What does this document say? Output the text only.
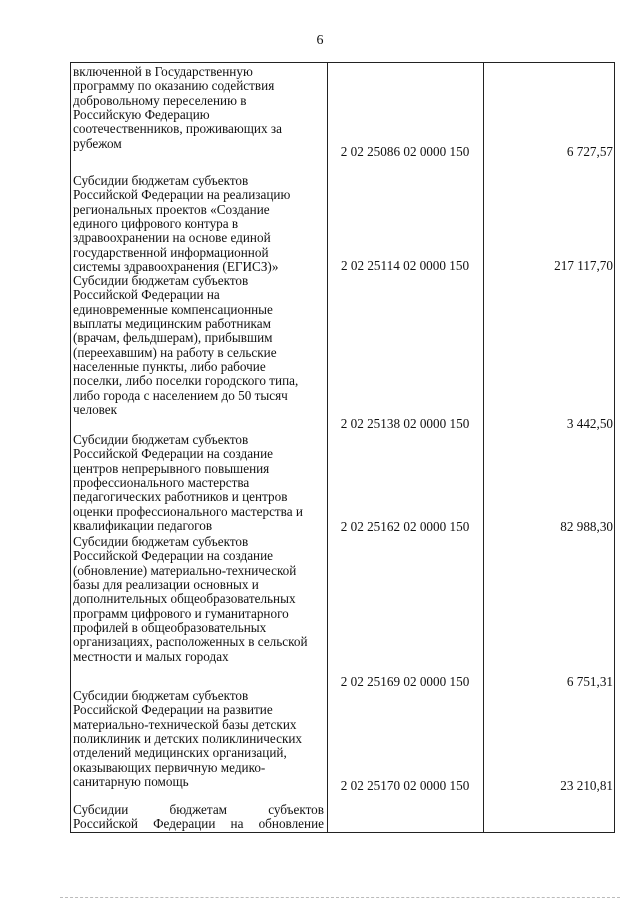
6
включенной в Государственную
программу по оказанию содействия
добровольному переселению в
Российскую Федерацию
соотечественников, проживающих за
рубежом
2 02 25086 02 0000 150	6 727,57
Субсидии бюджетам субъектов
Российской Федерации на реализацию
региональных проектов «Создание
единого цифрового контура в
здравоохранении на основе единой
государственной информационной
системы здравоохранения (ЕГИСЗ)»	2 02 25114 02 0000 150	217 117,70
Субсидии бюджетам субъектов
Российской Федерации на
единовременные компенсационные
выплаты медицинским работникам
(врачам, фельдшерам), прибывшим
(переехавшим) на работу в сельские
населенные пункты, либо рабочие
поселки, либо поселки городского типа,
либо города с населением до 50 тысяч
человек
2 02 25138 02 0000 150	3 442,50
Субсидии бюджетам субъектов
Российской Федерации на создание
центров непрерывного повышения
профессионального мастерства
педагогических работников и центров
оценки профессионального мастерства и
квалификации педагогов	2 02 25162 02 0000 150	82 988,30
Субсидии бюджетам субъектов
Российской Федерации на создание
(обновление) материально-технической
базы для реализации основных и
дополнительных общеобразовательных
программ цифрового и гуманитарного
профилей в общеобразовательных
организациях, расположенных в сельской
местности и малых городах
2 02 25169 02 0000 150	6 751,31
Субсидии бюджетам субъектов
Российской Федерации на развитие
материально-технической базы детских
поликлиник и детских поликлинических
отделений медицинских организаций,
оказывающих первичную медико-
санитарную помощь	2 02 25170 02 0000 150	23 210,81
Субсидии бюджетам субъектов
Российской Федерации на обновление
